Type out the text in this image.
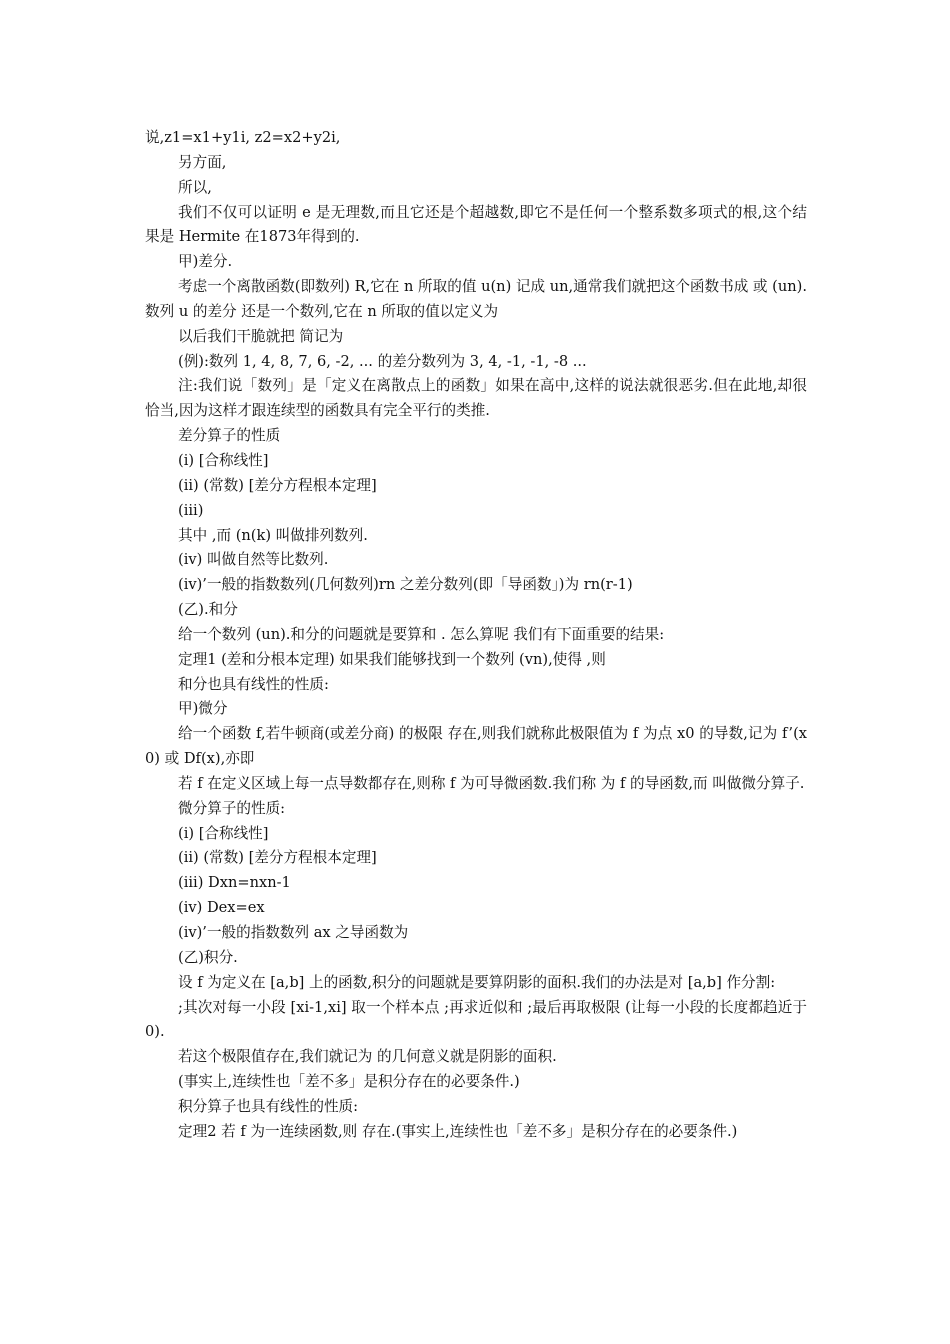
说,z1=x1+y1i, z2=x2+y2i,

另方面,

所以,

我们不仅可以证明 e 是无理数,而且它还是个超越数,即它不是任何一个整系数多项式的根,这个结果是 Hermite 在1873年得到的.

甲)差分.

考虑一个离散函数(即数列) R,它在 n 所取的值 u(n) 记成 un,通常我们就把这个函数书成 或 (un).数列 u 的差分 还是一个数列,它在 n 所取的值以定义为

以后我们干脆就把 简记为

(例):数列 1, 4, 8, 7, 6, -2, ... 的差分数列为 3, 4, -1, -1, -8 ...

注:我们说「数列」是「定义在离散点上的函数」如果在高中,这样的说法就很恶劣.但在此地,却很恰当,因为这样才跟连续型的函数具有完全平行的类推.

差分算子的性质

(i) [合称线性]

(ii) (常数) [差分方程根本定理]

(iii)

其中 ,而 (n(k) 叫做排列数列.

(iv) 叫做自然等比数列.

(iv)’一般的指数数列(几何数列)rn 之差分数列(即「导函数」)为 rn(r-1)

(乙).和分

给一个数列 (un).和分的问题就是要算和 . 怎么算呢 我们有下面重要的结果:

定理1 (差和分根本定理) 如果我们能够找到一个数列 (vn),使得 ,则

和分也具有线性的性质:

甲)微分

给一个函数 f,若牛顿商(或差分商) 的极限 存在,则我们就称此极限值为 f 为点 x0 的导数,记为 f’(x0) 或 Df(x),亦即

若 f 在定义区域上每一点导数都存在,则称 f 为可导微函数.我们称 为 f 的导函数,而 叫做微分算子.

微分算子的性质:

(i) [合称线性]

(ii) (常数) [差分方程根本定理]

(iii) Dxn=nxn-1

(iv) Dex=ex

(iv)’一般的指数数列 ax 之导函数为

(乙)积分.

设 f 为定义在 [a,b] 上的函数,积分的问题就是要算阴影的面积.我们的办法是对 [a,b] 作分割:

;其次对每一小段 [xi-1,xi] 取一个样本点 ;再求近似和 ;最后再取极限 (让每一小段的长度都趋近于 0).

若这个极限值存在,我们就记为 的几何意义就是阴影的面积.

(事实上,连续性也「差不多」是积分存在的必要条件.)

积分算子也具有线性的性质:

定理2 若 f 为一连续函数,则 存在.(事实上,连续性也「差不多」是积分存在的必要条件.)
